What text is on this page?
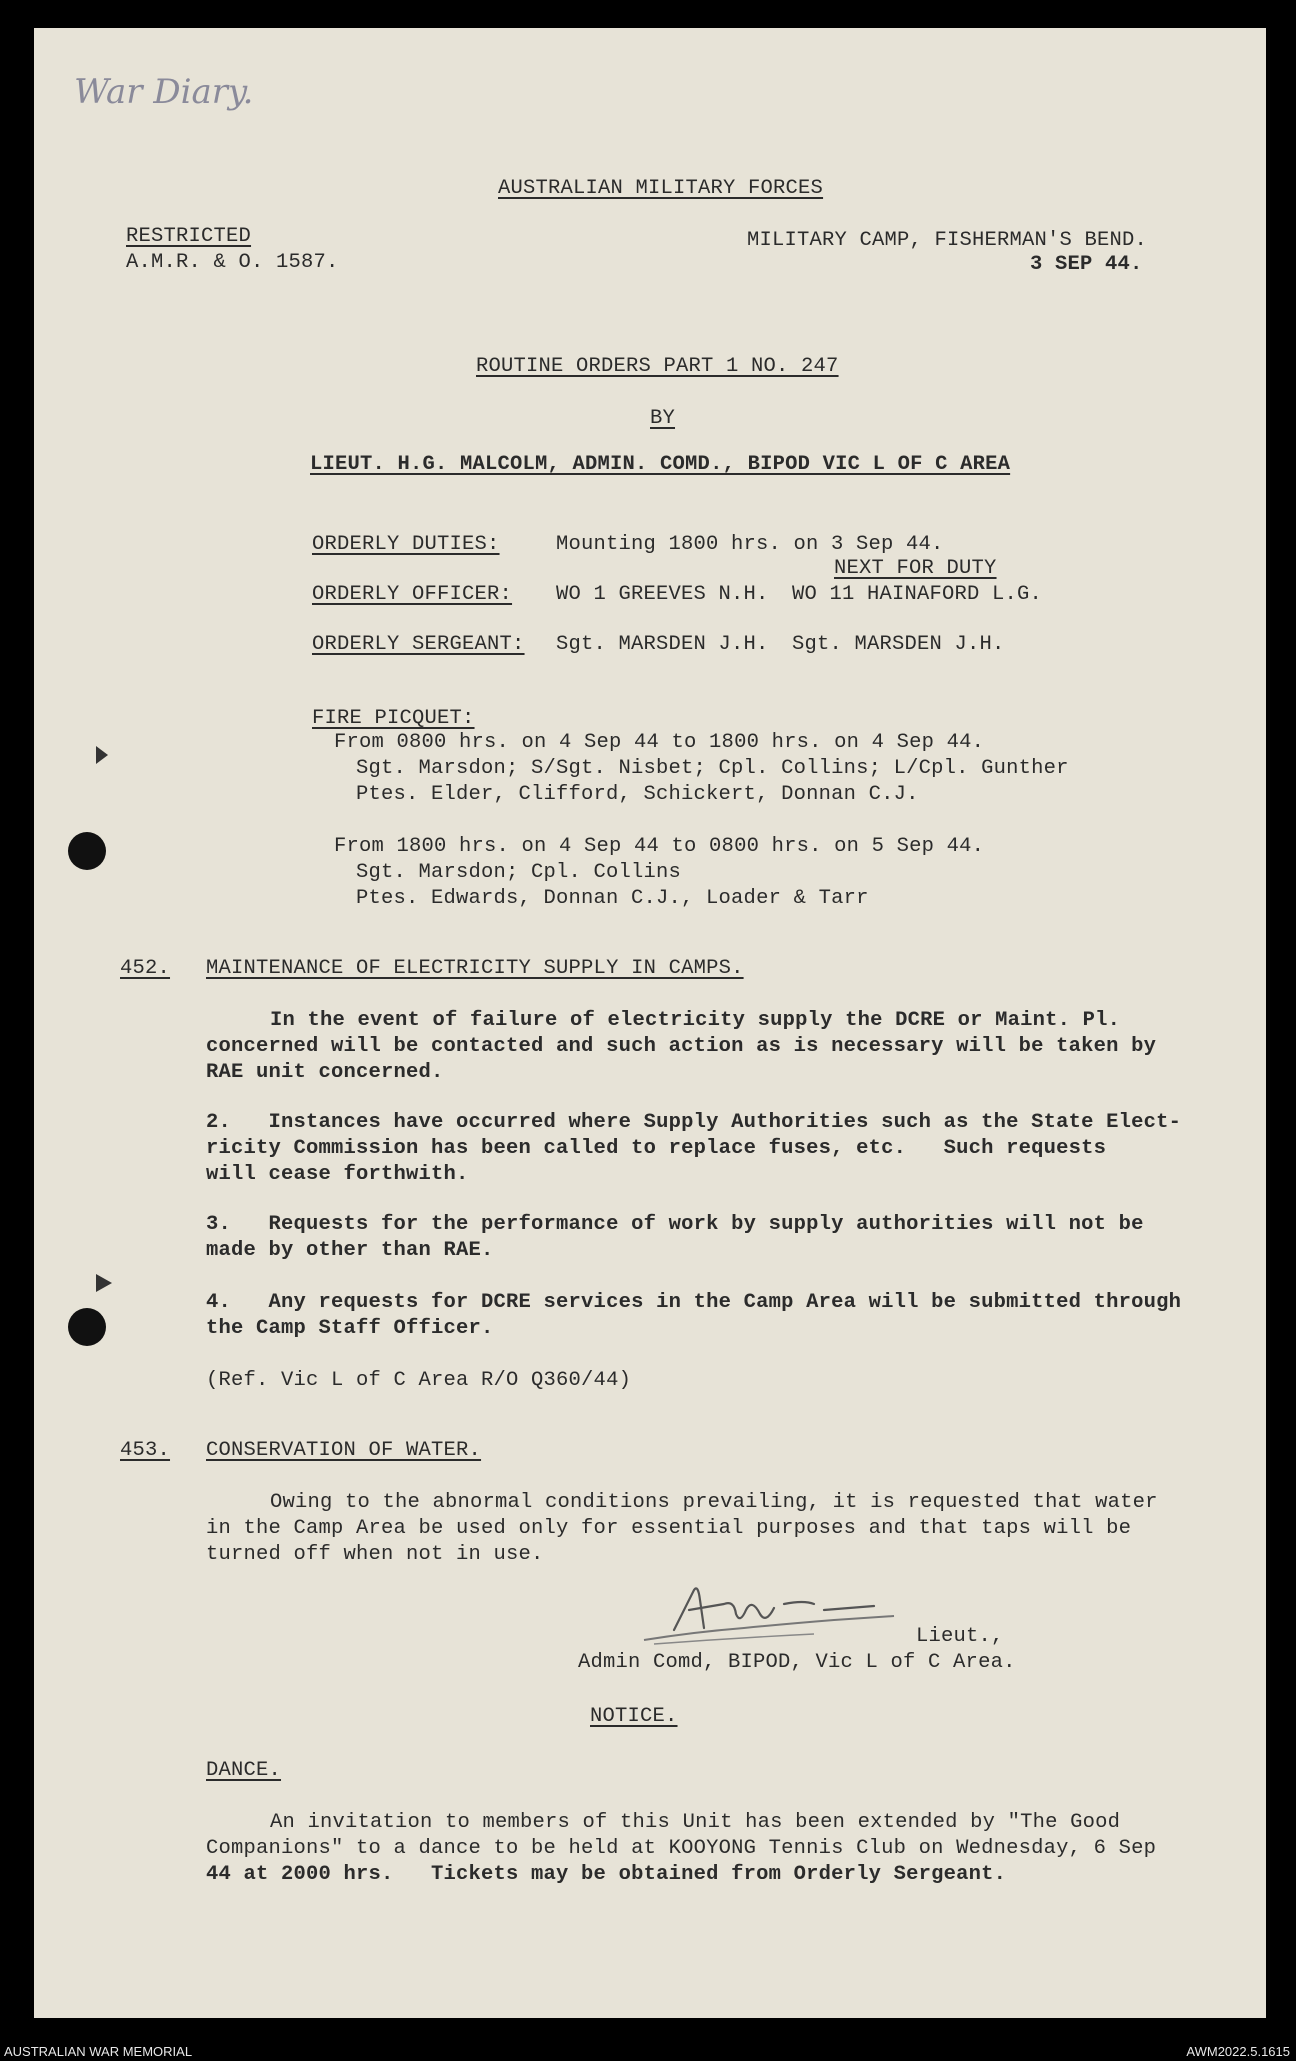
War Diary.
AUSTRALIAN MILITARY FORCES
RESTRICTED
A.M.R. & O. 1587.
MILITARY CAMP, FISHERMAN'S BEND.
3 SEP 44.
ROUTINE ORDERS PART 1 NO. 247
BY
LIEUT. H.G. MALCOLM, ADMIN. COMD., BIPOD VIC L OF C AREA
ORDERLY DUTIES:	Mounting 1800 hrs. on 3 Sep 44.
NEXT FOR DUTY
ORDERLY OFFICER: WO 1 GREEVES N.H. WO 11 HAINAFORD L.G.
ORDERLY SERGEANT: Sgt. MARSDEN J.H. Sgt. MARSDEN J.H.
FIRE PICQUET:
From 0800 hrs. on 4 Sep 44 to 1800 hrs. on 4 Sep 44.
Sgt. Marsdon; S/Sgt. Nisbet; Cpl. Collins; L/Cpl. Gunther
Ptes. Elder, Clifford, Schickert, Donnan C.J.
From 1800 hrs. on 4 Sep 44 to 0800 hrs. on 5 Sep 44.
Sgt. Marsdon; Cpl. Collins
Ptes. Edwards, Donnan C.J., Loader & Tarr
452. MAINTENANCE OF ELECTRICITY SUPPLY IN CAMPS.
In the event of failure of electricity supply the DCRE or Maint. Pl.
concerned will be contacted and such action as is necessary will be taken by
RAE unit concerned.
2.   Instances have occurred where Supply Authorities such as the State Elect-
ricity Commission has been called to replace fuses, etc.   Such requests
will cease forthwith.
3.   Requests for the performance of work by supply authorities will not be
made by other than RAE.
4.   Any requests for DCRE services in the Camp Area will be submitted through
the Camp Staff Officer.
(Ref. Vic L of C Area R/O Q360/44)
453. CONSERVATION OF WATER.
Owing to the abnormal conditions prevailing, it is requested that water
in the Camp Area be used only for essential purposes and that taps will be
turned off when not in use.
Lieut.,
Admin Comd, BIPOD, Vic L of C Area.
NOTICE.
DANCE.
An invitation to members of this Unit has been extended by "The Good
Companions" to a dance to be held at KOOYONG Tennis Club on Wednesday, 6 Sep
44 at 2000 hrs.   Tickets may be obtained from Orderly Sergeant.
AUSTRALIAN WAR MEMORIAL	AWM2022.5.1615
